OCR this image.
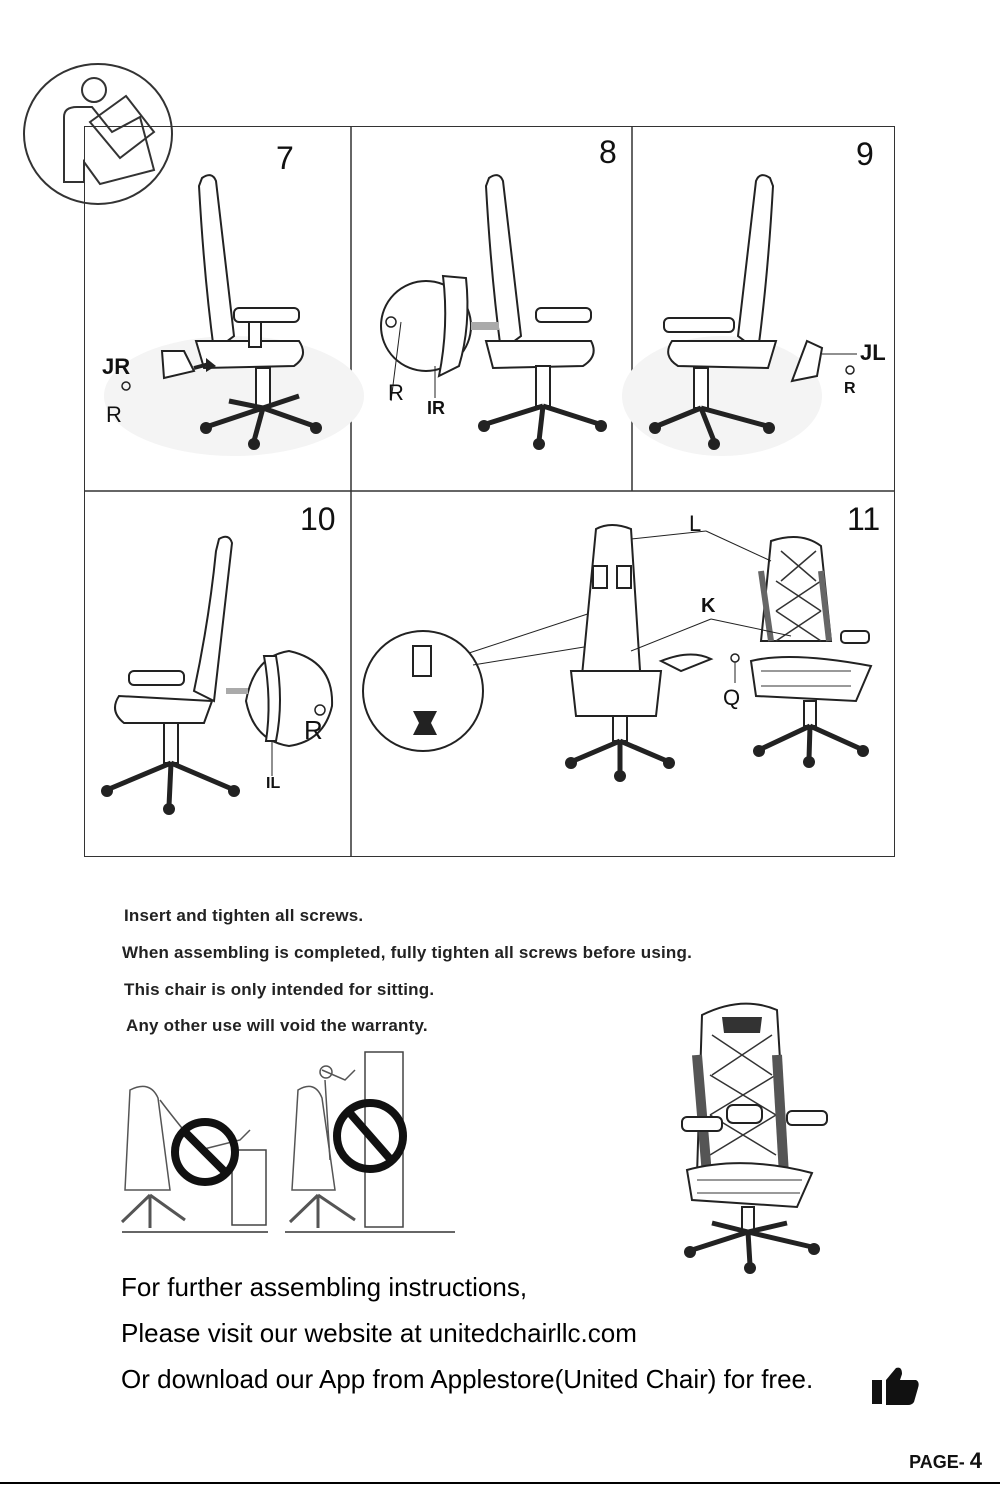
7
JR
R
8
R
IR
9
JL
R
10
R
IL
11
L
K
Q

Insert and tighten all screws.

When assembling is completed, fully tighten all screws before using.

This chair is only intended for sitting.

Any other use will void the warranty.

For further assembling instructions,
Please visit our website at unitedchairllc.com
Or download our App from Applestore(United Chair) for free.
PAGE- 4
